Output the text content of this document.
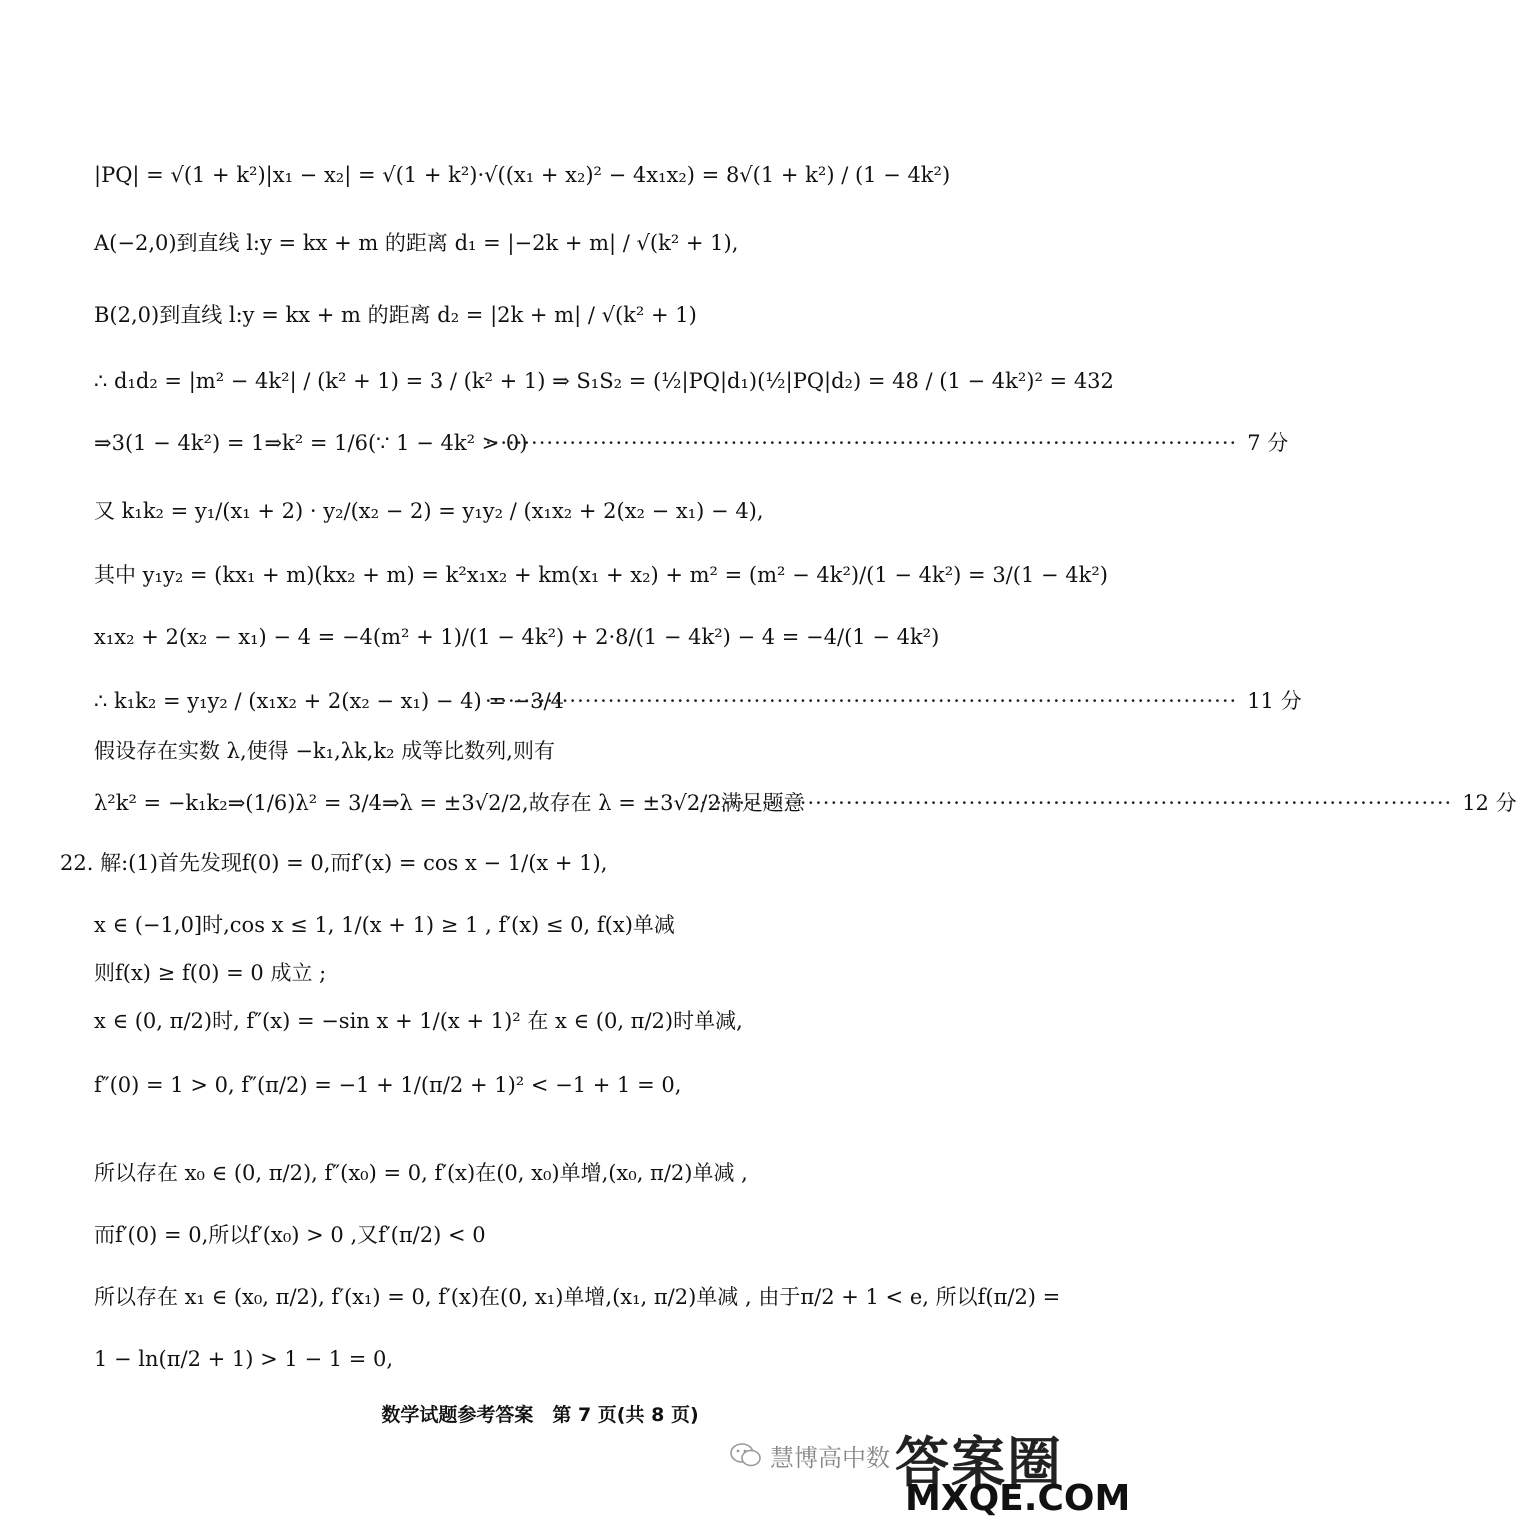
|PQ| = √(1 + k²)|x₁ − x₂| = √(1 + k²)·√((x₁ + x₂)² − 4x₁x₂) = 8√(1 + k²) / (1 − 4k²)
A(−2,0)到直线 l:y = kx + m 的距离 d₁ = |−2k + m| / √(k² + 1),
B(2,0)到直线 l:y = kx + m 的距离 d₂ = |2k + m| / √(k² + 1)
∴ d₁d₂ = |m² − 4k²| / (k² + 1) = 3 / (k² + 1) ⇒ S₁S₂ = (½|PQ|d₁)(½|PQ|d₂) = 48 / (1 − 4k²)² = 432
⇒3(1 − 4k²) = 1⇒k² = 1/6(∵ 1 − 4k² > 0)
·································································································· 7 分
又 k₁k₂ = y₁/(x₁ + 2) · y₂/(x₂ − 2) = y₁y₂ / (x₁x₂ + 2(x₂ − x₁) − 4),
其中 y₁y₂ = (kx₁ + m)(kx₂ + m) = k²x₁x₂ + km(x₁ + x₂) + m² = (m² − 4k²)/(1 − 4k²) = 3/(1 − 4k²)
x₁x₂ + 2(x₂ − x₁) − 4 = −4(m² + 1)/(1 − 4k²) + 2·8/(1 − 4k²) − 4 = −4/(1 − 4k²)
∴ k₁k₂ = y₁y₂ / (x₁x₂ + 2(x₂ − x₁) − 4) = −3/4
·································································································· 11 分
假设存在实数 λ,使得 −k₁,λk,k₂ 成等比数列,则有
λ²k² = −k₁k₂⇒(1/6)λ² = 3/4⇒λ = ±3√2/2,故存在 λ = ±3√2/2满足题意
·································································································· 12 分
22. 解:(1)首先发现f(0) = 0,而f′(x) = cos x − 1/(x + 1),
x ∈ (−1,0]时,cos x ≤ 1, 1/(x + 1) ≥ 1 , f′(x) ≤ 0, f(x)单减
则f(x) ≥ f(0) = 0 成立 ;
x ∈ (0, π/2)时, f″(x) = −sin x + 1/(x + 1)² 在 x ∈ (0, π/2)时单减,
f″(0) = 1 > 0, f″(π/2) = −1 + 1/(π/2 + 1)² < −1 + 1 = 0,
所以存在 x₀ ∈ (0, π/2), f″(x₀) = 0, f′(x)在(0, x₀)单增,(x₀, π/2)单减 ,
而f′(0) = 0,所以f′(x₀) > 0 ,又f′(π/2) < 0
所以存在 x₁ ∈ (x₀, π/2), f′(x₁) = 0, f′(x)在(0, x₁)单增,(x₁, π/2)单减 , 由于π/2 + 1 < e, 所以f(π/2) =
1 − ln(π/2 + 1) > 1 − 1 = 0,
数学试题参考答案　第 7 页(共 8 页)
慧博高中数 答案圈
MXQE.COM
